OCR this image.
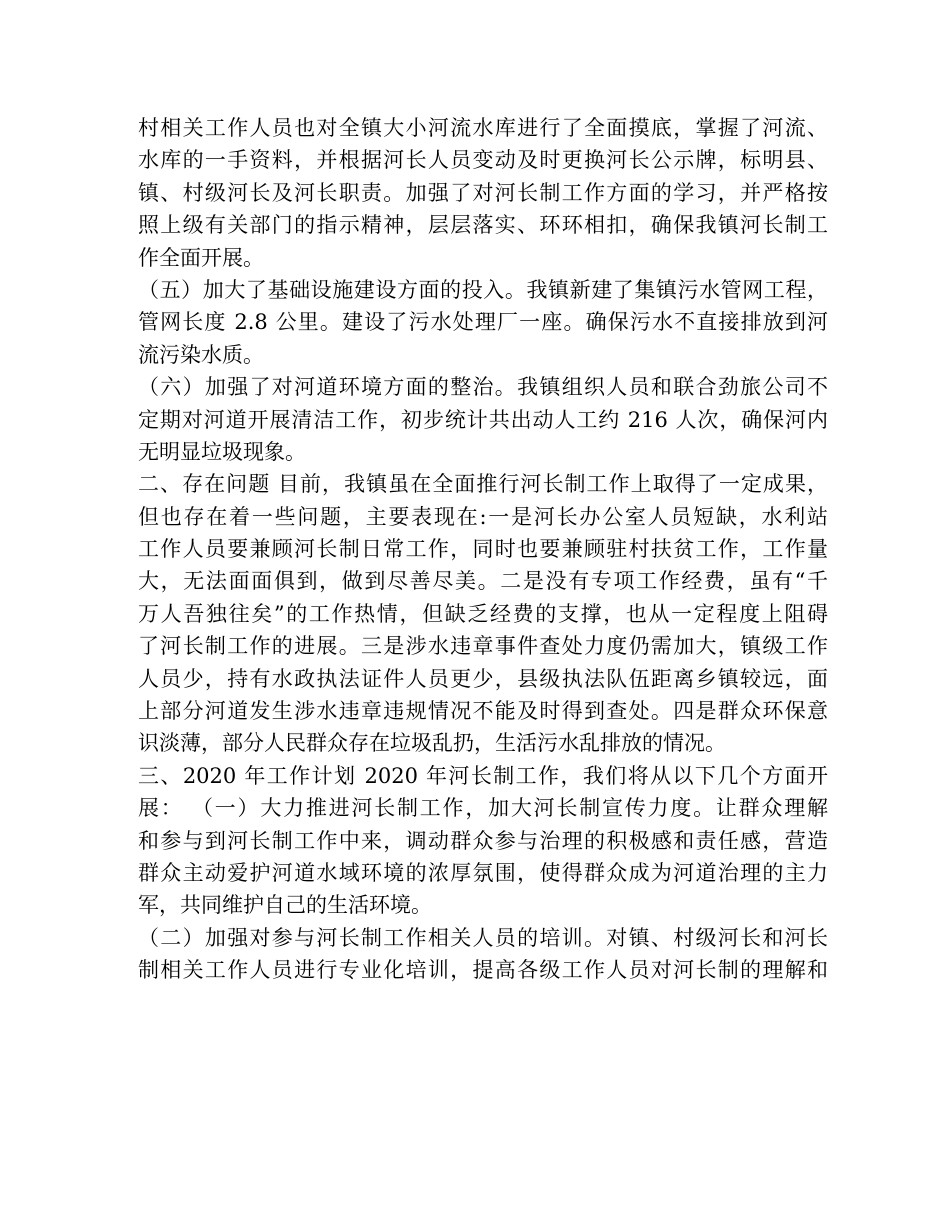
村相关工作人员也对全镇大小河流水库进行了全面摸底，掌握了河流、
水库的一手资料，并根据河长人员变动及时更换河长公示牌，标明县、
镇、村级河长及河长职责。加强了对河长制工作方面的学习，并严格按
照上级有关部门的指示精神，层层落实、环环相扣，确保我镇河长制工
作全面开展。
（五）加大了基础设施建设方面的投入。我镇新建了集镇污水管网工程，
管网长度 2.8 公里。建设了污水处理厂一座。确保污水不直接排放到河
流污染水质。
（六）加强了对河道环境方面的整治。我镇组织人员和联合劲旅公司不
定期对河道开展清洁工作，初步统计共出动人工约 216 人次，确保河内
无明显垃圾现象。
二、存在问题 目前，我镇虽在全面推行河长制工作上取得了一定成果，
但也存在着一些问题，主要表现在:一是河长办公室人员短缺，水利站
工作人员要兼顾河长制日常工作，同时也要兼顾驻村扶贫工作，工作量
大，无法面面俱到，做到尽善尽美。二是没有专项工作经费，虽有“千
万人吾独往矣”的工作热情，但缺乏经费的支撑，也从一定程度上阻碍
了河长制工作的进展。三是涉水违章事件查处力度仍需加大，镇级工作
人员少，持有水政执法证件人员更少，县级执法队伍距离乡镇较远，面
上部分河道发生涉水违章违规情况不能及时得到查处。四是群众环保意
识淡薄，部分人民群众存在垃圾乱扔，生活污水乱排放的情况。
三、2020 年工作计划 2020 年河长制工作，我们将从以下几个方面开
展： （一）大力推进河长制工作，加大河长制宣传力度。让群众理解
和参与到河长制工作中来，调动群众参与治理的积极感和责任感，营造
群众主动爱护河道水域环境的浓厚氛围，使得群众成为河道治理的主力
军，共同维护自己的生活环境。
（二）加强对参与河长制工作相关人员的培训。对镇、村级河长和河长
制相关工作人员进行专业化培训，提高各级工作人员对河长制的理解和
